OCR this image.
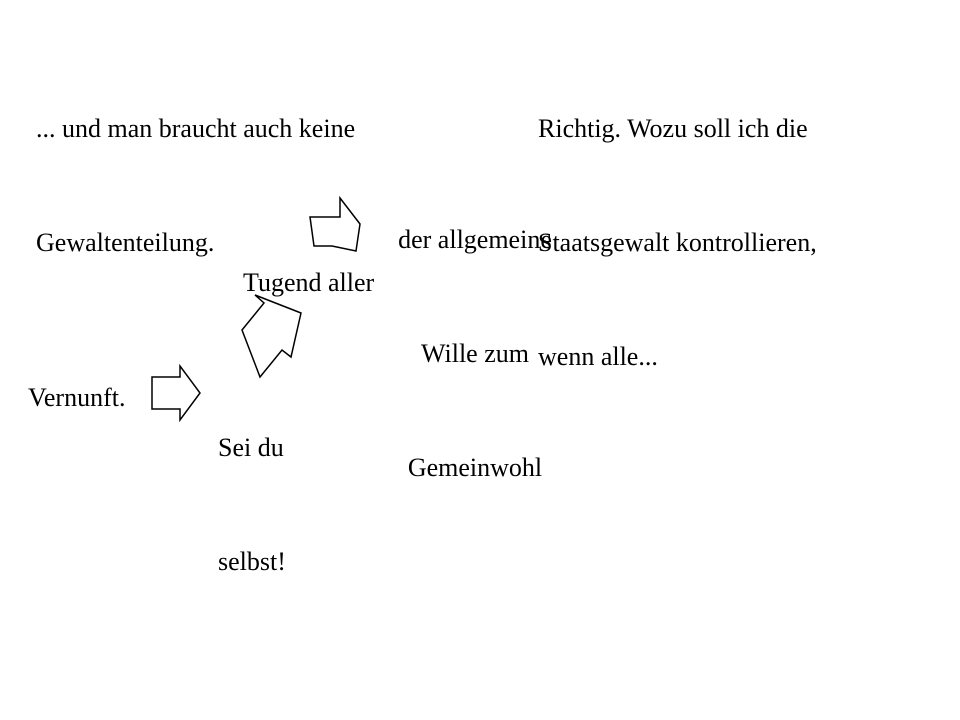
... und man braucht auch keine

Gewaltenteilung.

Richtig. Wozu soll ich die

Staatsgewalt kontrollieren,

wenn alle...

der allgemeine

Wille zum

Gemeinwohl

Tugend aller

Sei du

selbst!

Vernunft.
